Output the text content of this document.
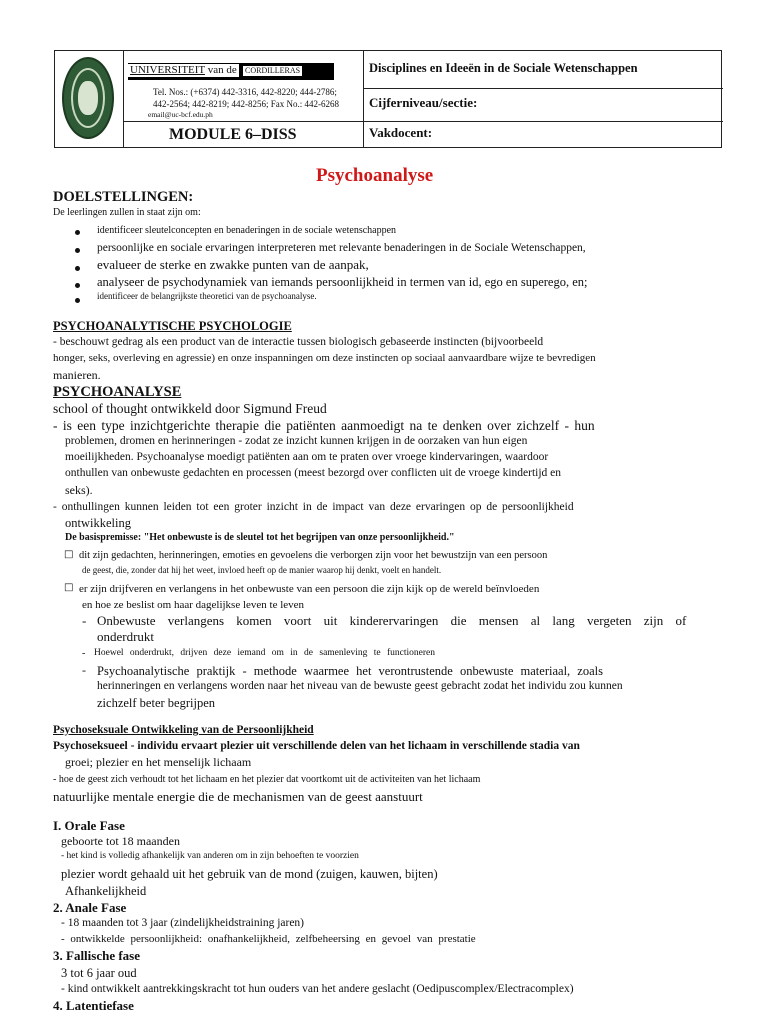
UNIVERSITEIT van de CORDILLERAS
Tel. Nos.: (+6374) 442-3316, 442-8220; 444-2786;
442-2564; 442-8219; 442-8256; Fax No.: 442-6268
email@uc-bcf.edu.ph
MODULE 6–DISS
Disciplines en Ideeën in de Sociale Wetenschappen
Cijferniveau/sectie:
Vakdocent:
Psychoanalyse
DOELSTELLINGEN:
De leerlingen zullen in staat zijn om:
identificeer sleutelconcepten en benaderingen in de sociale wetenschappen
persoonlijke en sociale ervaringen interpreteren met relevante benaderingen in de Sociale Wetenschappen,
evalueer de sterke en zwakke punten van de aanpak,
analyseer de psychodynamiek van iemands persoonlijkheid in termen van id, ego en superego, en;
identificeer de belangrijkste theoretici van de psychoanalyse.
PSYCHOANALYTISCHE PSYCHOLOGIE
- beschouwt gedrag als een product van de interactie tussen biologisch gebaseerde instincten (bijvoorbeeld
honger, seks, overleving en agressie) en onze inspanningen om deze instincten op sociaal aanvaardbare wijze te bevredigen
manieren.
PSYCHOANALYSE
school of thought ontwikkeld door Sigmund Freud
- is een type inzichtgerichte therapie die patiënten aanmoedigt na te denken over zichzelf - hun
problemen, dromen en herinneringen - zodat ze inzicht kunnen krijgen in de oorzaken van hun eigen
moeilijkheden. Psychoanalyse moedigt patiënten aan om te praten over vroege kindervaringen, waardoor
onthullen van onbewuste gedachten en processen (meest bezorgd over conflicten uit de vroege kindertijd en
seks).
- onthullingen kunnen leiden tot een groter inzicht in de impact van deze ervaringen op de persoonlijkheid
ontwikkeling
De basispremisse: "Het onbewuste is de sleutel tot het begrijpen van onze persoonlijkheid."
□ dit zijn gedachten, herinneringen, emoties en gevoelens die verborgen zijn voor het bewustzijn van een persoon
de geest, die, zonder dat hij het weet, invloed heeft op de manier waarop hij denkt, voelt en handelt.
□ er zijn drijfveren en verlangens in het onbewuste van een persoon die zijn kijk op de wereld beïnvloeden
en hoe ze beslist om haar dagelijkse leven te leven
- Onbewuste verlangens komen voort uit kinderervaringen die mensen al lang vergeten zijn of
onderdrukt
- Hoewel onderdrukt, drijven deze iemand om in de samenleving te functioneren
- Psychoanalytische praktijk - methode waarmee het verontrustende onbewuste materiaal, zoals
herinneringen en verlangens worden naar het niveau van de bewuste geest gebracht zodat het individu zou kunnen
zichzelf beter begrijpen
Psychoseksuale Ontwikkeling van de Persoonlijkheid
Psychoseksueel - individu ervaart plezier uit verschillende delen van het lichaam in verschillende stadia van
groei; plezier en het menselijk lichaam
- hoe de geest zich verhoudt tot het lichaam en het plezier dat voortkomt uit de activiteiten van het lichaam
natuurlijke mentale energie die de mechanismen van de geest aanstuurt
I. Orale Fase
geboorte tot 18 maanden
- het kind is volledig afhankelijk van anderen om in zijn behoeften te voorzien
plezier wordt gehaald uit het gebruik van de mond (zuigen, kauwen, bijten)
Afhankelijkheid
2. Anale Fase
- 18 maanden tot 3 jaar (zindelijkheidstraining jaren)
- ontwikkelde persoonlijkheid: onafhankelijkheid, zelfbeheersing en gevoel van prestatie
3. Fallische fase
3 tot 6 jaar oud
- kind ontwikkelt aantrekkingskracht tot hun ouders van het andere geslacht (Oedipuscomplex/Electracomplex)
4. Latentiefase
